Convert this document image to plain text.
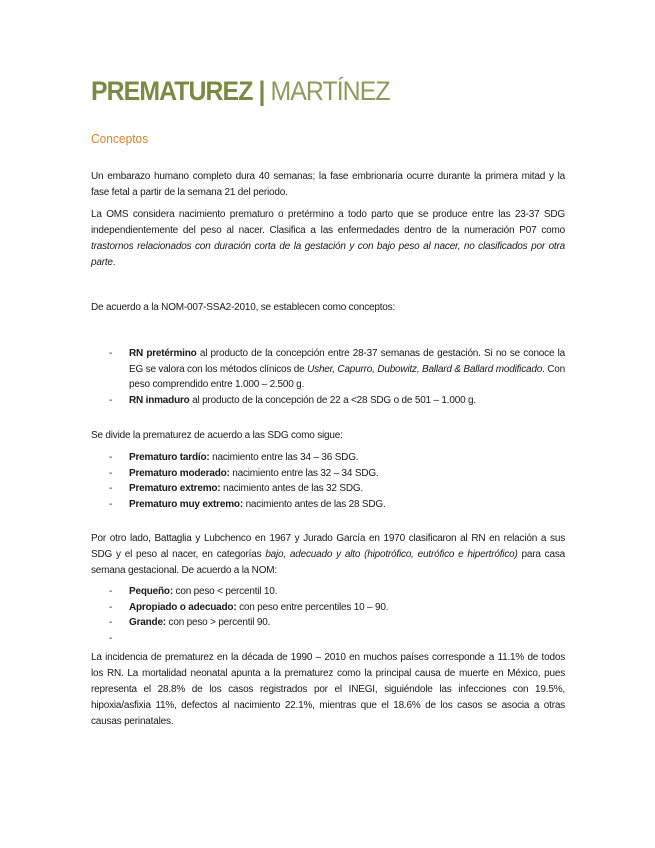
PREMATUREZ | MARTÍNEZ
Conceptos
Un embarazo humano completo dura 40 semanas; la fase embrionaria ocurre durante la primera mitad y la fase fetal a partir de la semana 21 del periodo.
La OMS considera nacimiento prematuro o pretérmino a todo parto que se produce entre las 23-37 SDG independientemente del peso al nacer. Clasifica a las enfermedades dentro de la numeración P07 como trastornos relacionados con duración corta de la gestación y con bajo peso al nacer, no clasificados por otra parte.
De acuerdo a la NOM-007-SSA2-2010, se establecen como conceptos:
- RN pretérmino al producto de la concepción entre 28-37 semanas de gestación. Si no se conoce la EG se valora con los métodos clínicos de Usher, Capurro, Dubowitz, Ballard & Ballard modificado. Con peso comprendido entre 1.000 – 2.500 g.
- RN inmaduro al producto de la concepción de 22 a <28 SDG o de 501 – 1.000 g.
Se divide la prematurez de acuerdo a las SDG como sigue:
- Prematuro tardío: nacimiento entre las 34 – 36 SDG.
- Prematuro moderado: nacimiento entre las 32 – 34 SDG.
- Prematuro extremo: nacimiento antes de las 32 SDG.
- Prematuro muy extremo: nacimiento antes de las 28 SDG.
Por otro lado, Battaglia y Lubchenco en 1967 y Jurado García en 1970 clasificaron al RN en relación a sus SDG y el peso al nacer, en categorías bajo, adecuado y alto (hipotrófico, eutrófico e hipertrófico) para casa semana gestacional. De acuerdo a la NOM:
- Pequeño: con peso < percentil 10.
- Apropiado o adecuado: con peso entre percentiles 10 – 90.
- Grande: con peso > percentil 90.
-

La incidencia de prematurez en la década de 1990 – 2010 en muchos países corresponde a 11.1% de todos los RN. La mortalidad neonatal apunta a la prematurez como la principal causa de muerte en México, pues representa el 28.8% de los casos registrados por el INEGI, siguiéndole las infecciones con 19.5%, hipoxia/asfixia 11%, defectos al nacimiento 22.1%, mientras que el 18.6% de los casos se asocia a otras causas perinatales.
